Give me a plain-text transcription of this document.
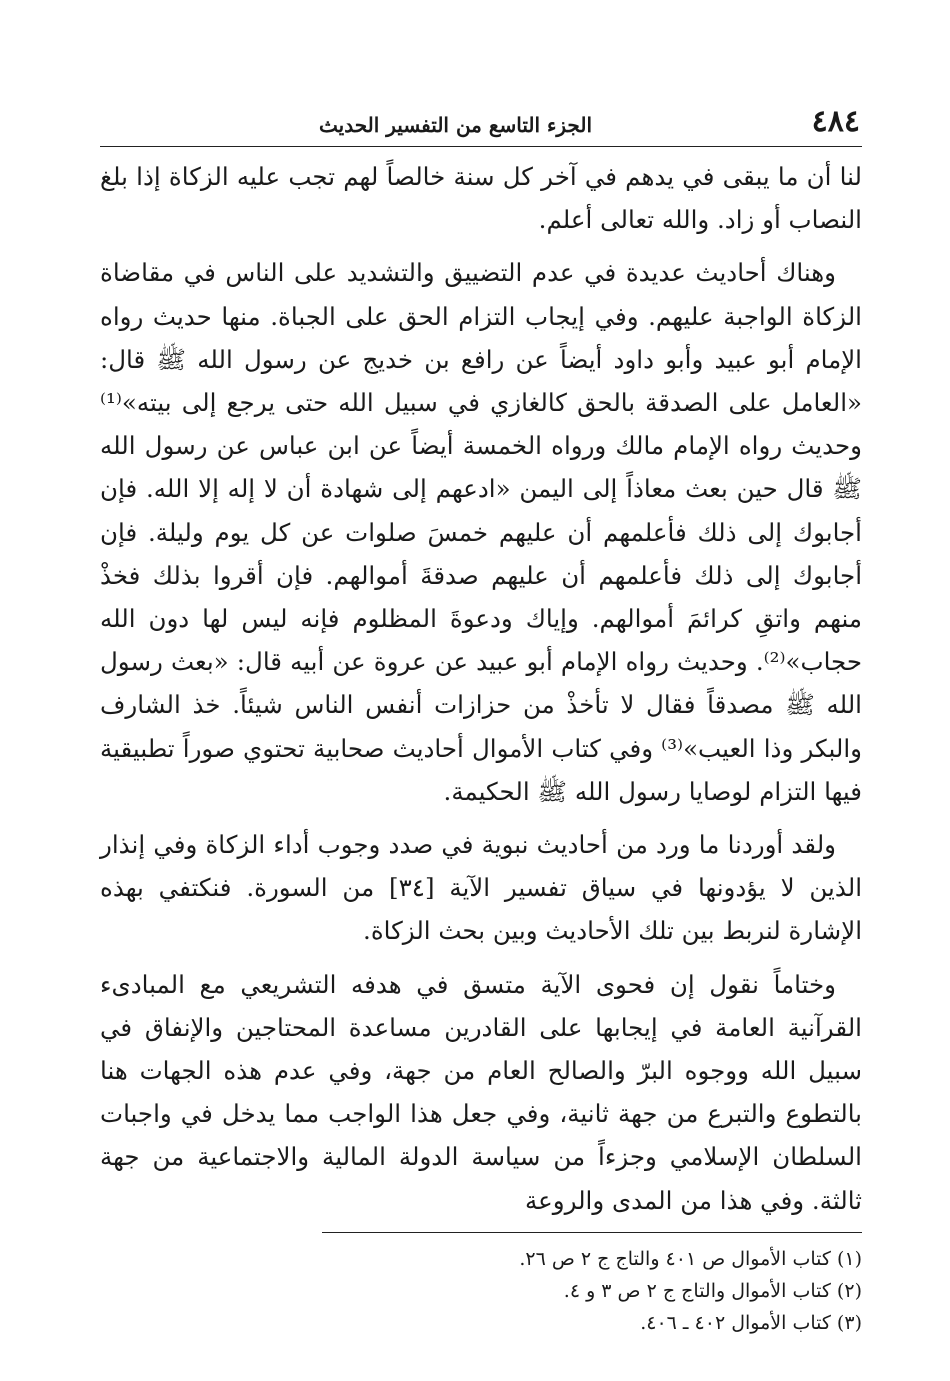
٤٨٤
الجزء التاسع من التفسير الحديث

لنا أن ما يبقى في يدهم في آخر كل سنة خالصاً لهم تجب عليه الزكاة إذا بلغ النصاب أو زاد. والله تعالى أعلم.

وهناك أحاديث عديدة في عدم التضييق والتشديد على الناس في مقاضاة الزكاة الواجبة عليهم. وفي إيجاب التزام الحق على الجباة. منها حديث رواه الإمام أبو عبيد وأبو داود أيضاً عن رافع بن خديج عن رسول الله ﷺ قال: «العامل على الصدقة بالحق كالغازي في سبيل الله حتى يرجع إلى بيته»⁽¹⁾ وحديث رواه الإمام مالك ورواه الخمسة أيضاً عن ابن عباس عن رسول الله ﷺ قال حين بعث معاذاً إلى اليمن «ادعهم إلى شهادة أن لا إله إلا الله. فإن أجابوك إلى ذلك فأعلمهم أن عليهم خمسَ صلوات عن كل يوم وليلة. فإن أجابوك إلى ذلك فأعلمهم أن عليهم صدقةَ أموالهم. فإن أقروا بذلك فخذْ منهم واتقِ كرائمَ أموالهم. وإياك ودعوةَ المظلوم فإنه ليس لها دون الله حجاب»⁽²⁾. وحديث رواه الإمام أبو عبيد عن عروة عن أبيه قال: «بعث رسول الله ﷺ مصدقاً فقال لا تأخذْ من حزازات أنفس الناس شيئاً. خذ الشارف والبكر وذا العيب»⁽³⁾ وفي كتاب الأموال أحاديث صحابية تحتوي صوراً تطبيقية فيها التزام لوصايا رسول الله ﷺ الحكيمة.

ولقد أوردنا ما ورد من أحاديث نبوية في صدد وجوب أداء الزكاة وفي إنذار الذين لا يؤدونها في سياق تفسير الآية [٣٤] من السورة. فنكتفي بهذه الإشارة لنربط بين تلك الأحاديث وبين بحث الزكاة.

وختاماً نقول إن فحوى الآية متسق في هدفه التشريعي مع المبادىء القرآنية العامة في إيجابها على القادرين مساعدة المحتاجين والإنفاق في سبيل الله ووجوه البرّ والصالح العام من جهة، وفي عدم هذه الجهات هنا بالتطوع والتبرع من جهة ثانية، وفي جعل هذا الواجب مما يدخل في واجبات السلطان الإسلامي وجزءاً من سياسة الدولة المالية والاجتماعية من جهة ثالثة. وفي هذا من المدى والروعة

(١) كتاب الأموال ص ٤٠١ والتاج ج ٢ ص ٢٦.
(٢) كتاب الأموال والتاج ج ٢ ص ٣ و ٤.
(٣) كتاب الأموال ٤٠٢ ـ ٤٠٦.
